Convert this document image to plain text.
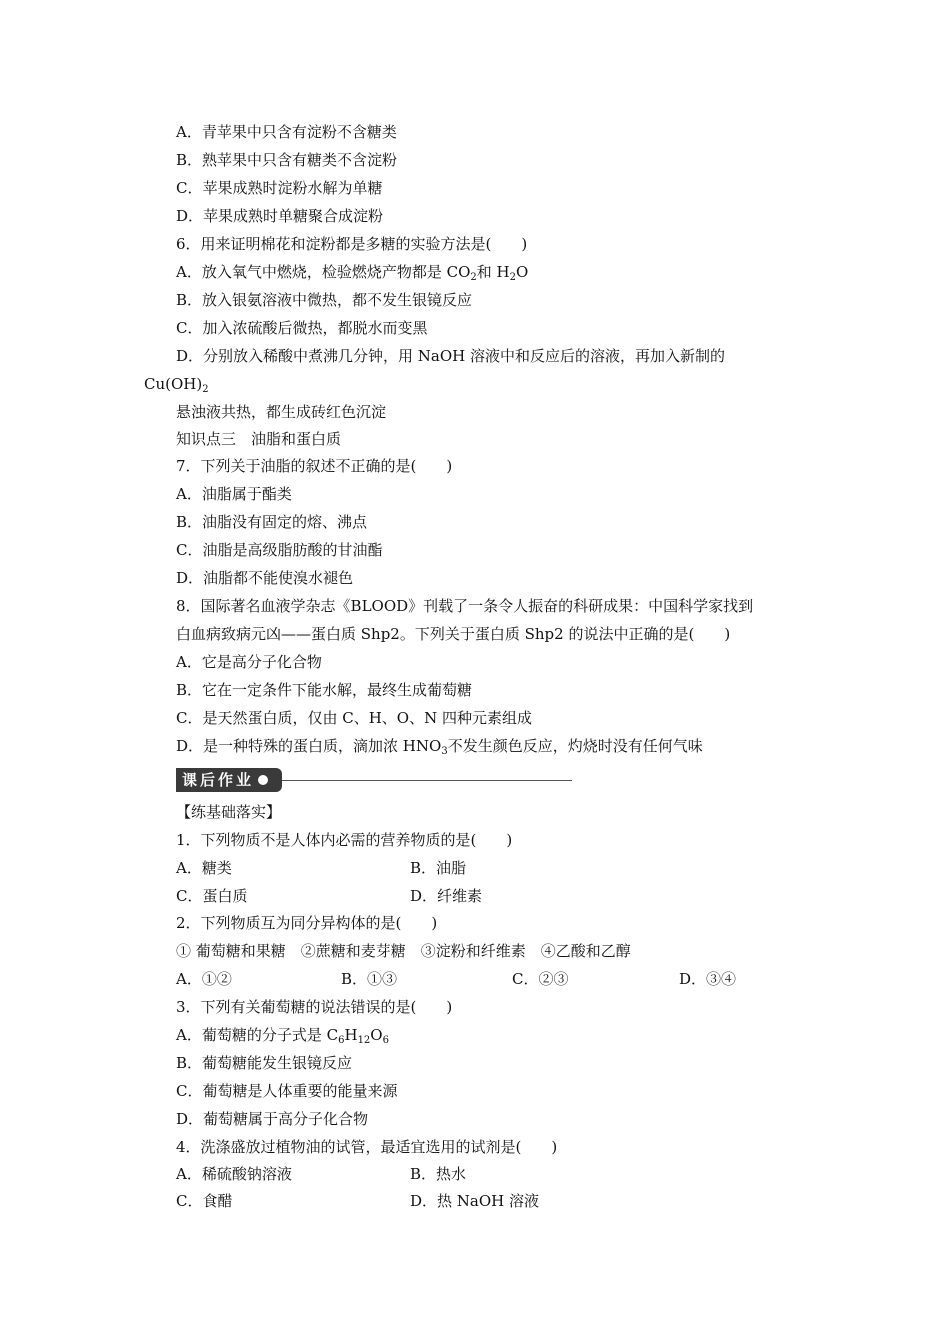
A．青苹果中只含有淀粉不含糖类
B．熟苹果中只含有糖类不含淀粉
C．苹果成熟时淀粉水解为单糖
D．苹果成熟时单糖聚合成淀粉
6．用来证明棉花和淀粉都是多糖的实验方法是(　　)
A．放入氧气中燃烧，检验燃烧产物都是 $CO_2$和 $H_2O$
B．放入银氨溶液中微热，都不发生银镜反应
C．加入浓硫酸后微热，都脱水而变黑
D．分别放入稀酸中煮沸几分钟，用 NaOH 溶液中和反应后的溶液，再加入新制的
$Cu(OH)_2$
悬浊液共热，都生成砖红色沉淀
知识点三　油脂和蛋白质
7．下列关于油脂的叙述不正确的是(　　)
A．油脂属于酯类
B．油脂没有固定的熔、沸点
C．油脂是高级脂肪酸的甘油酯
D．油脂都不能使溴水褪色
8．国际著名血液学杂志《BLOOD》刊载了一条令人振奋的科研成果：中国科学家找到
白血病致病元凶——蛋白质 Shp2。下列关于蛋白质 Shp2 的说法中正确的是(　　)
A．它是高分子化合物
B．它在一定条件下能水解，最终生成葡萄糖
C．是天然蛋白质，仅由 C、H、O、N 四种元素组成
D．是一种特殊的蛋白质，滴加浓 $HNO_3$不发生颜色反应，灼烧时没有任何气味
课后作业
【练基础落实】
1．下列物质不是人体内必需的营养物质的是(　　)
A．糖类	B．油脂
C．蛋白质	D．纤维素
2．下列物质互为同分异构体的是(　　)
① 葡萄糖和果糖　②蔗糖和麦芽糖　③淀粉和纤维素　④乙酸和乙醇
A．①②	B．①③	C．②③	D．③④
3．下列有关葡萄糖的说法错误的是(　　)
A．葡萄糖的分子式是 $C_6H_{12}O_6$
B．葡萄糖能发生银镜反应
C．葡萄糖是人体重要的能量来源
D．葡萄糖属于高分子化合物
4．洗涤盛放过植物油的试管，最适宜选用的试剂是(　　)
A．稀硫酸钠溶液	B．热水
C．食醋	D．热 NaOH 溶液
